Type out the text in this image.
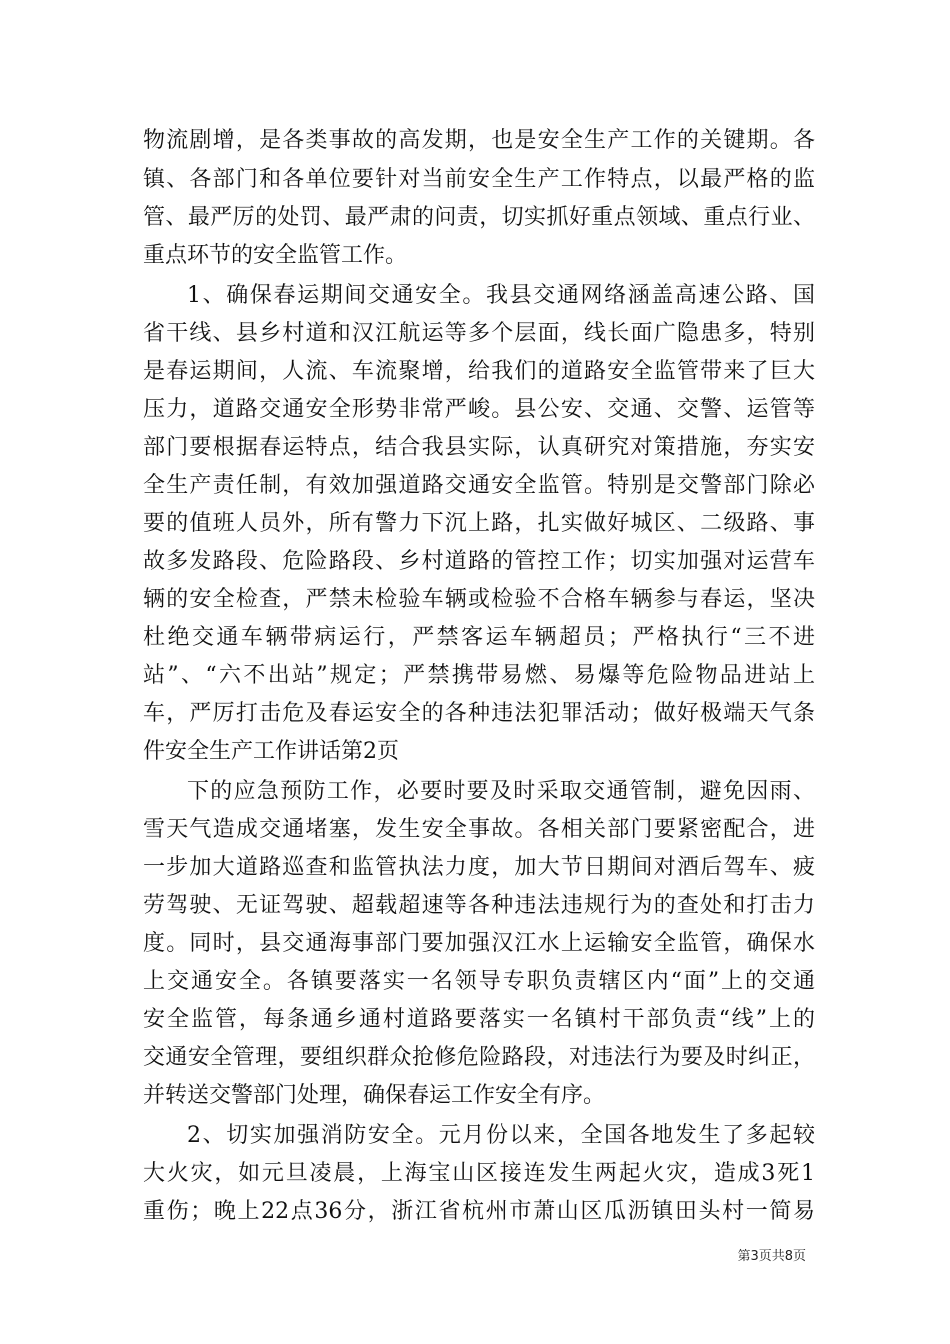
物流剧增，是各类事故的高发期，也是安全生产工作的关键期。各
镇、各部门和各单位要针对当前安全生产工作特点，以最严格的监
管、最严厉的处罚、最严肃的问责，切实抓好重点领域、重点行业、
重点环节的安全监管工作。
1、确保春运期间交通安全。我县交通网络涵盖高速公路、国
省干线、县乡村道和汉江航运等多个层面，线长面广隐患多，特别
是春运期间，人流、车流聚增，给我们的道路安全监管带来了巨大
压力，道路交通安全形势非常严峻。县公安、交通、交警、运管等
部门要根据春运特点，结合我县实际，认真研究对策措施，夯实安
全生产责任制，有效加强道路交通安全监管。特别是交警部门除必
要的值班人员外，所有警力下沉上路，扎实做好城区、二级路、事
故多发路段、危险路段、乡村道路的管控工作；切实加强对运营车
辆的安全检查，严禁未检验车辆或检验不合格车辆参与春运，坚决
杜绝交通车辆带病运行，严禁客运车辆超员；严格执行“三不进
站”、“六不出站”规定；严禁携带易燃、易爆等危险物品进站上
车，严厉打击危及春运安全的各种违法犯罪活动；做好极端天气条
件安全生产工作讲话第2页
下的应急预防工作，必要时要及时采取交通管制，避免因雨、
雪天气造成交通堵塞，发生安全事故。各相关部门要紧密配合，进
一步加大道路巡查和监管执法力度，加大节日期间对酒后驾车、疲
劳驾驶、无证驾驶、超载超速等各种违法违规行为的查处和打击力
度。同时，县交通海事部门要加强汉江水上运输安全监管，确保水
上交通安全。各镇要落实一名领导专职负责辖区内“面”上的交通
安全监管，每条通乡通村道路要落实一名镇村干部负责“线”上的
交通安全管理，要组织群众抢修危险路段，对违法行为要及时纠正，
并转送交警部门处理，确保春运工作安全有序。
2、切实加强消防安全。元月份以来，全国各地发生了多起较
大火灾，如元旦凌晨，上海宝山区接连发生两起火灾，造成3死1
重伤；晚上22点36分，浙江省杭州市萧山区瓜沥镇田头村一简易
第3页共8页
